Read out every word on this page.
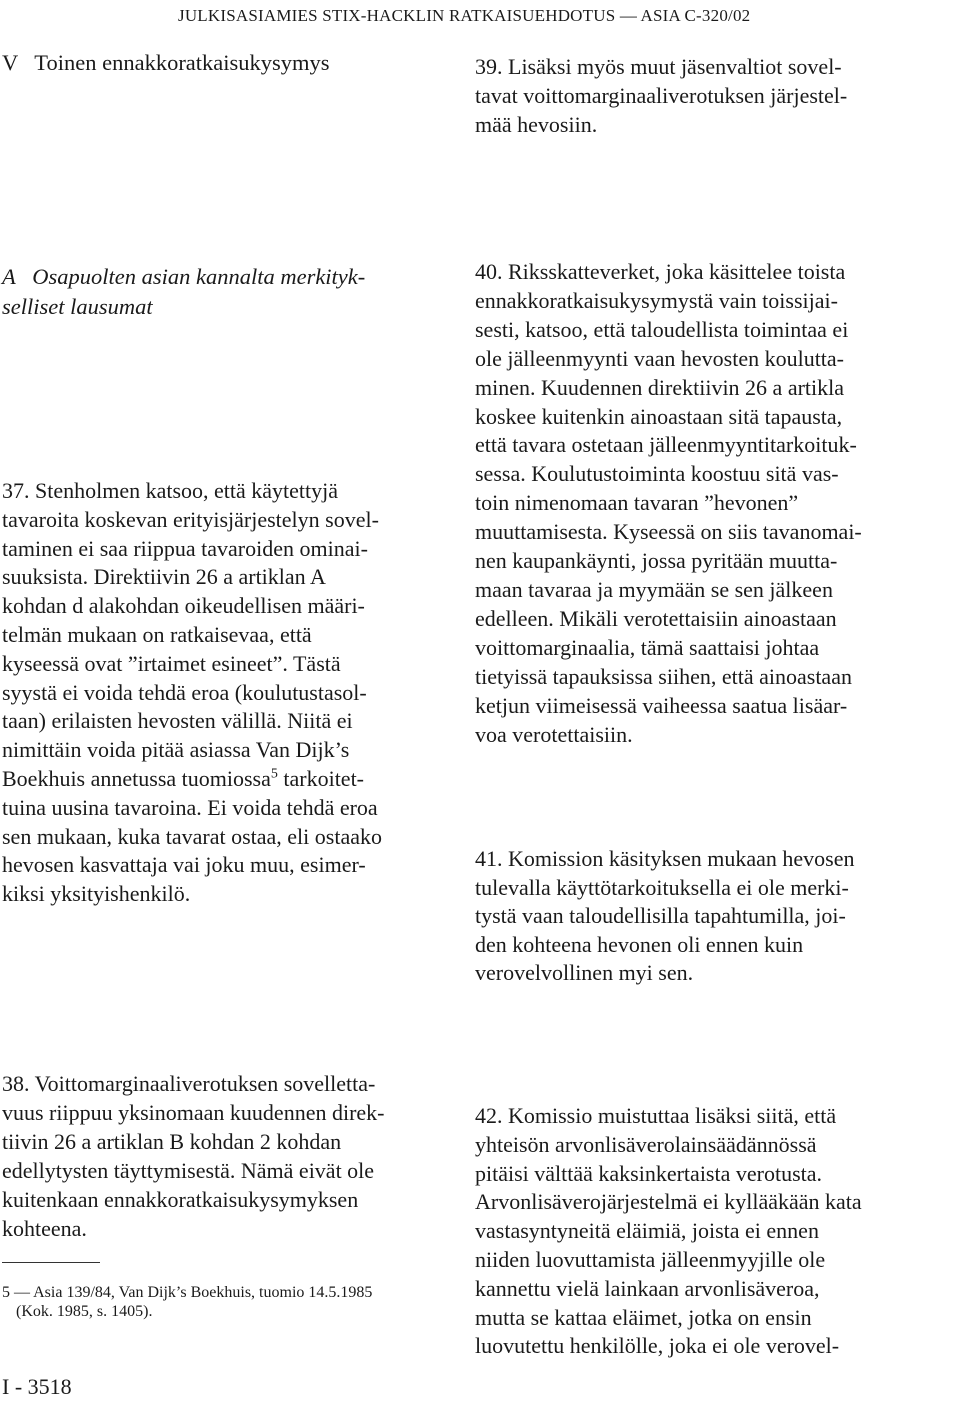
JULKISASIAMIES STIX-HACKLIN RATKAISUEHDOTUS — ASIA C-320/02
V   Toinen ennakkoratkaisukysymys
A   Osapuolten asian kannalta merkityk-
selliset lausumat

39. Lisäksi myös muut jäsenvaltiot sovel-

tavat voittomarginaaliverotuksen järjestel-

mää hevosiin.

40. Riksskatteverket, joka käsittelee toista

ennakkoratkaisukysymystä vain toissijai-

sesti, katsoo, että taloudellista toimintaa ei

ole jälleenmyynti vaan hevosten koulutta-

minen. Kuudennen direktiivin 26 a artikla

koskee kuitenkin ainoastaan sitä tapausta,

että tavara ostetaan jälleenmyyntitarkoituk-

sessa. Koulutustoiminta koostuu sitä vas-

toin nimenomaan tavaran ”hevonen”

muuttamisesta. Kyseessä on siis tavanomai-

nen kaupankäynti, jossa pyritään muutta-

maan tavaraa ja myymään se sen jälkeen

edelleen. Mikäli verotettaisiin ainoastaan

voittomarginaalia, tämä saattaisi johtaa

tietyissä tapauksissa siihen, että ainoastaan

ketjun viimeisessä vaiheessa saatua lisäar-

voa verotettaisiin.

41. Komission käsityksen mukaan hevosen

tulevalla käyttötarkoituksella ei ole merki-

tystä vaan taloudellisilla tapahtumilla, joi-

den kohteena hevonen oli ennen kuin

verovelvollinen myi sen.

37. Stenholmen katsoo, että käytettyjä

tavaroita koskevan erityisjärjestelyn sovel-

taminen ei saa riippua tavaroiden ominai-

suuksista. Direktiivin 26 a artiklan A

kohdan d alakohdan oikeudellisen määri-

telmän mukaan on ratkaisevaa, että

kyseessä ovat ”irtaimet esineet”. Tästä

syystä ei voida tehdä eroa (koulutustasol-

taan) erilaisten hevosten välillä. Niitä ei

nimittäin voida pitää asiassa Van Dijk’s

Boekhuis annetussa tuomiossa$^5$ tarkoitet-

tuina uusina tavaroina. Ei voida tehdä eroa

sen mukaan, kuka tavarat ostaa, eli ostaako

hevosen kasvattaja vai joku muu, esimer-

kiksi yksityishenkilö.

38. Voittomarginaaliverotuksen sovelletta-

vuus riippuu yksinomaan kuudennen direk-

tiivin 26 a artiklan B kohdan 2 kohdan

edellytysten täyttymisestä. Nämä eivät ole

kuitenkaan ennakkoratkaisukysymyksen

kohteena.

42. Komissio muistuttaa lisäksi siitä, että

yhteisön arvonlisäverolainsäädännössä

pitäisi välttää kaksinkertaista verotusta.

Arvonlisäverojärjestelmä ei kyllääkään kata

vastasyntyneitä eläimiä, joista ei ennen

niiden luovuttamista jälleenmyyjille ole

kannettu vielä lainkaan arvonlisäveroa,

mutta se kattaa eläimet, jotka on ensin

luovutettu henkilölle, joka ei ole verovel-

5 — Asia 139/84, Van Dijk’s Boekhuis, tuomio 14.5.1985
(Kok. 1985, s. 1405).
I - 3518
